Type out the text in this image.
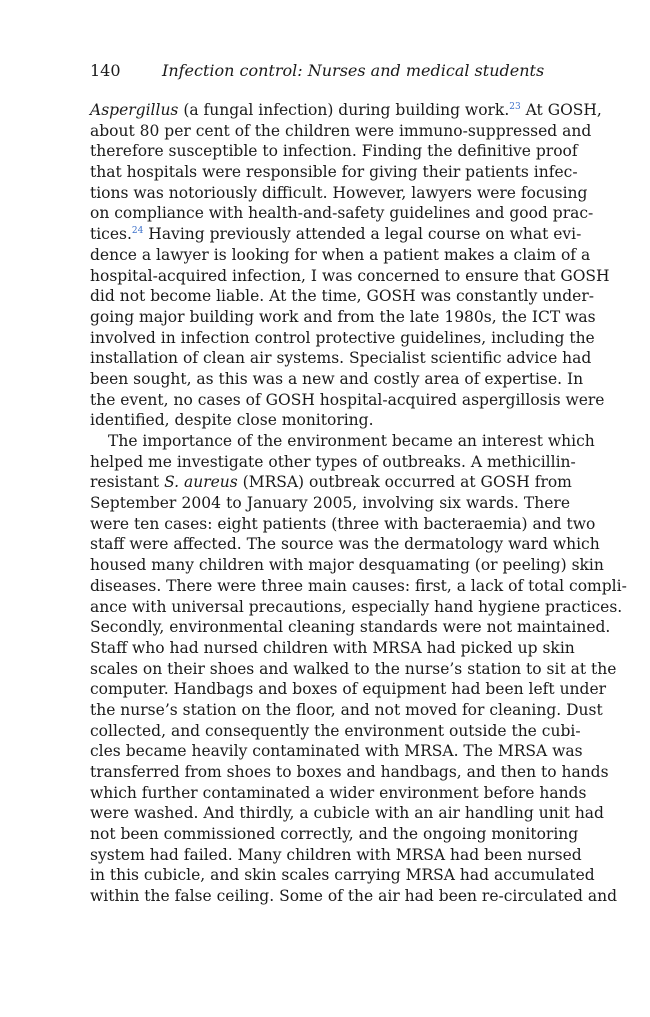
140	Infection control: Nurses and medical students
Aspergillus (a fungal infection) during building work.$^{23}$ At GOSH,
about 80 per cent of the children were immuno-suppressed and
therefore susceptible to infection. Finding the definitive proof
that hospitals were responsible for giving their patients infec-
tions was notoriously difficult. However, lawyers were focusing
on compliance with health-and-safety guidelines and good prac-
tices.$^{24}$ Having previously attended a legal course on what evi-
dence a lawyer is looking for when a patient makes a claim of a
hospital-acquired infection, I was concerned to ensure that GOSH
did not become liable. At the time, GOSH was constantly under-
going major building work and from the late 1980s, the ICT was
involved in infection control protective guidelines, including the
installation of clean air systems. Specialist scientific advice had
been sought, as this was a new and costly area of expertise. In
the event, no cases of GOSH hospital-acquired aspergillosis were
identified, despite close monitoring.
The importance of the environment became an interest which
helped me investigate other types of outbreaks. A methicillin-
resistant S. aureus (MRSA) outbreak occurred at GOSH from
September 2004 to January 2005, involving six wards. There
were ten cases: eight patients (three with bacteraemia) and two
staff were affected. The source was the dermatology ward which
housed many children with major desquamating (or peeling) skin
diseases. There were three main causes: first, a lack of total compli-
ance with universal precautions, especially hand hygiene practices.
Secondly, environmental cleaning standards were not maintained.
Staff who had nursed children with MRSA had picked up skin
scales on their shoes and walked to the nurse’s station to sit at the
computer. Handbags and boxes of equipment had been left under
the nurse’s station on the floor, and not moved for cleaning. Dust
collected, and consequently the environment outside the cubi-
cles became heavily contaminated with MRSA. The MRSA was
transferred from shoes to boxes and handbags, and then to hands
which further contaminated a wider environment before hands
were washed. And thirdly, a cubicle with an air handling unit had
not been commissioned correctly, and the ongoing monitoring
system had failed. Many children with MRSA had been nursed
in this cubicle, and skin scales carrying MRSA had accumulated
within the false ceiling. Some of the air had been re-circulated and
